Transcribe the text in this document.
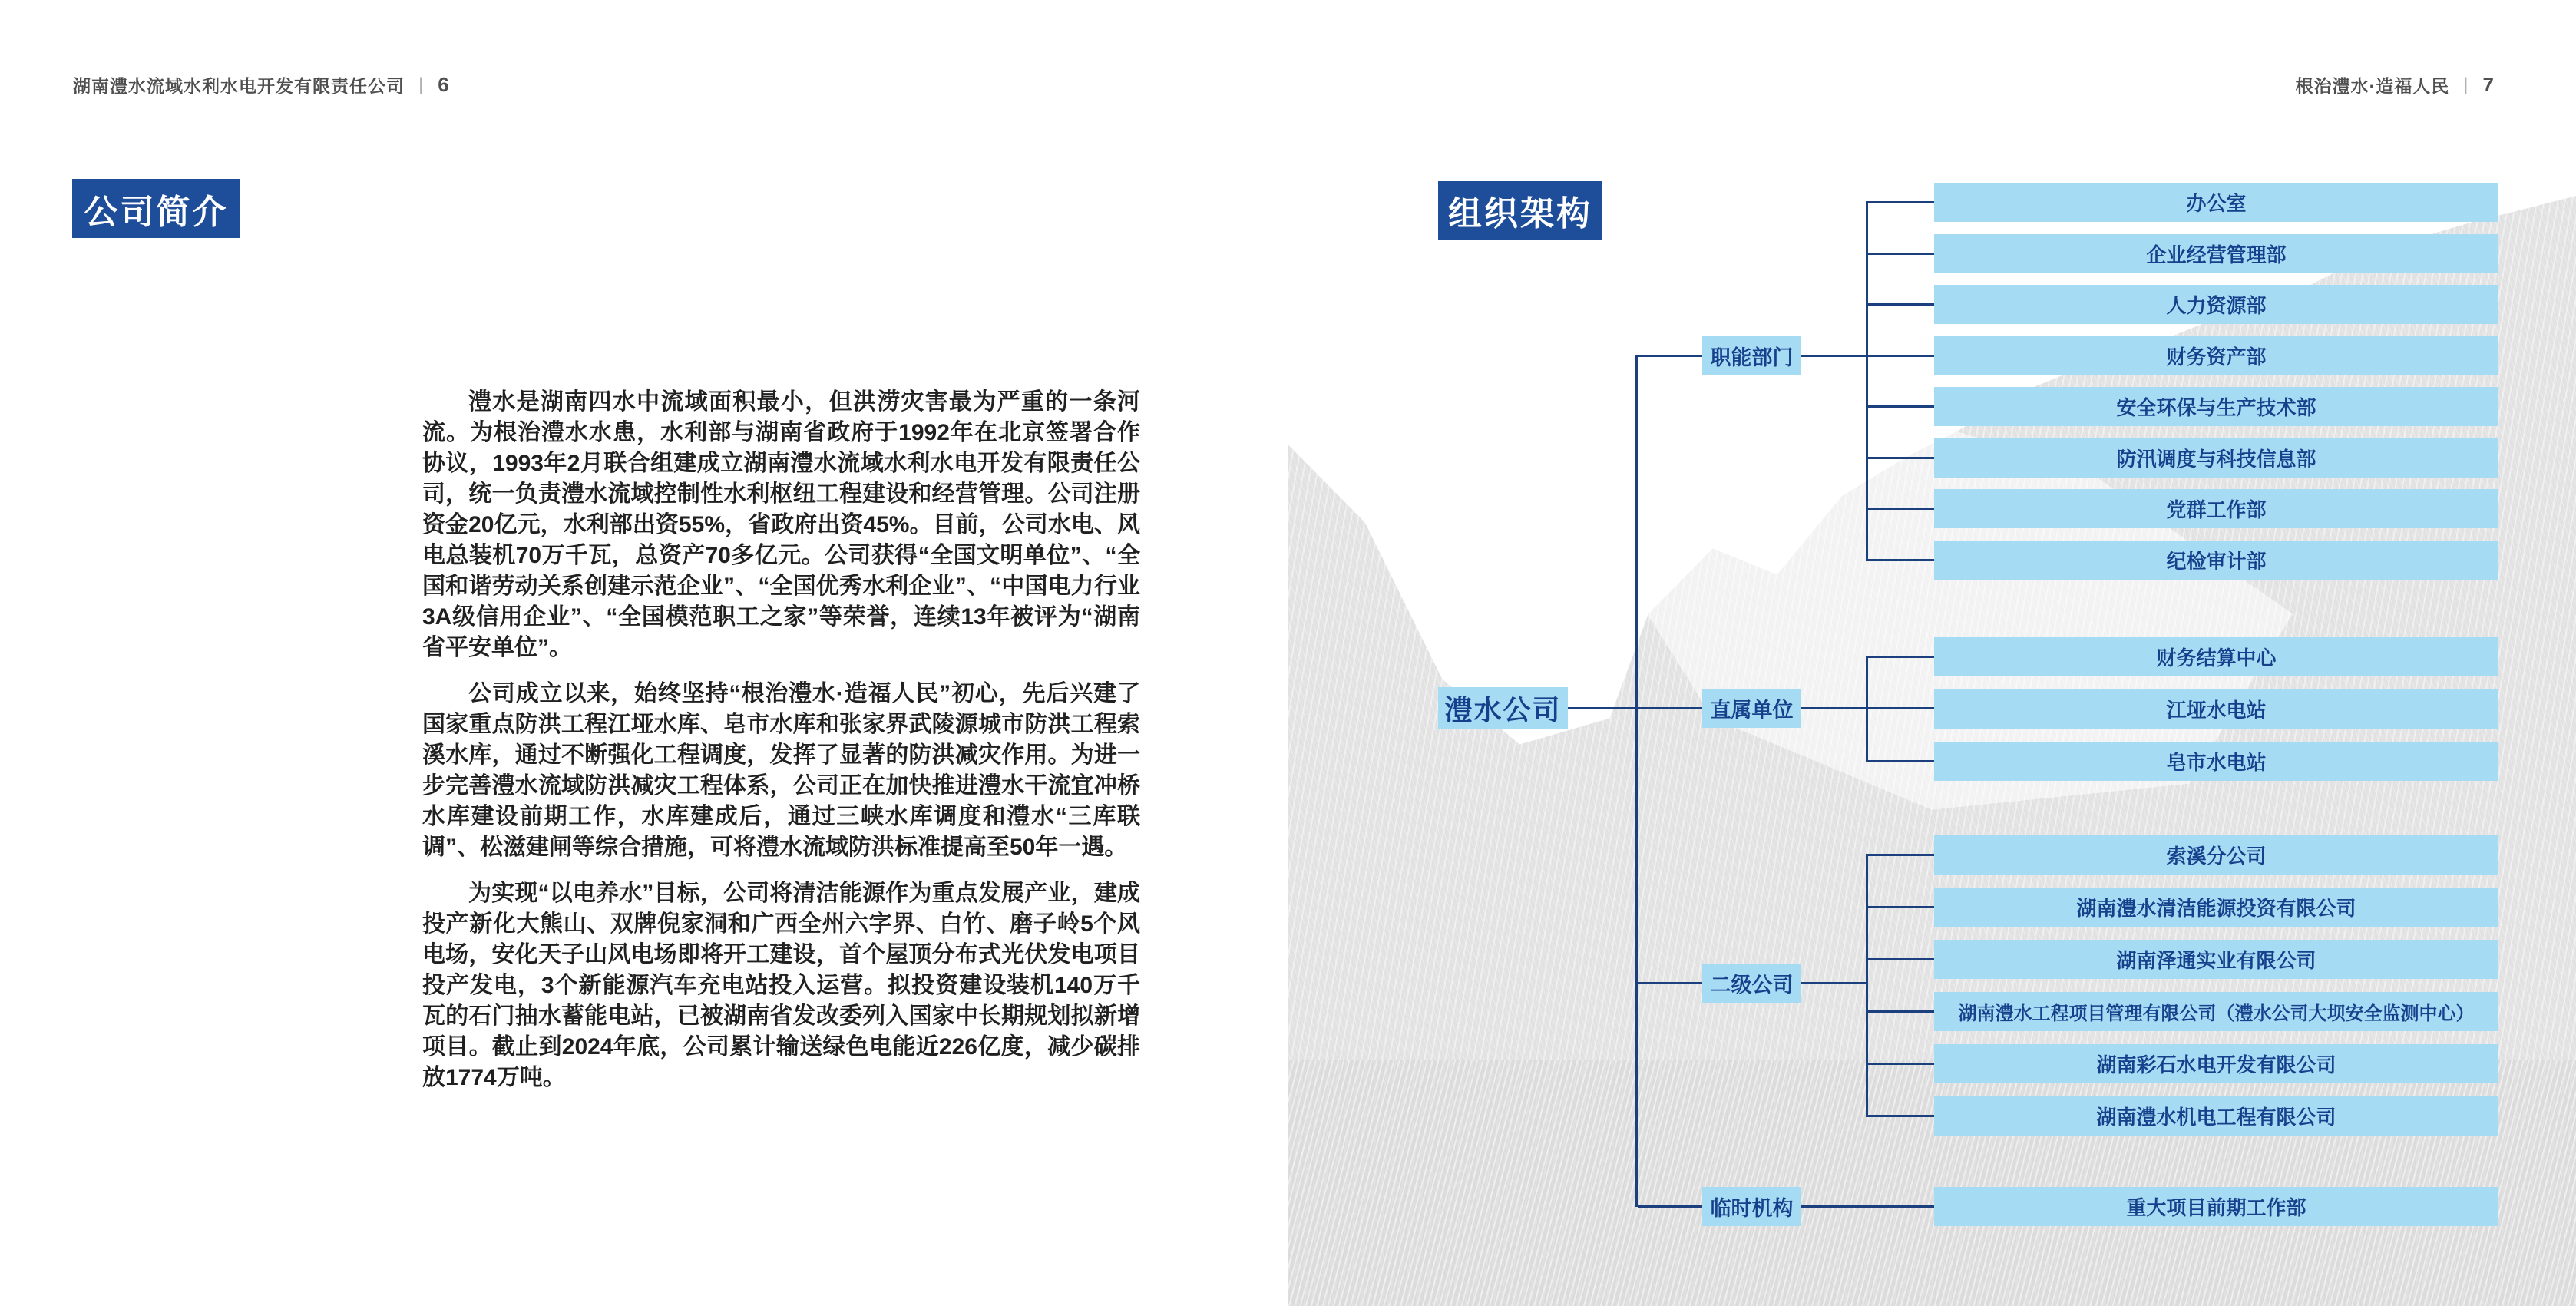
湖南澧水流域水利水电开发有限责任公司 | 6	根治澧水·造福人民 | 7
公司简介

澧水是湖南四水中流域面积最小，但洪涝灾害最为严重的一条河流。为根治澧水水患，水利部与湖南省政府于1992年在北京签署合作协议，1993年2月联合组建成立湖南澧水流域水利水电开发有限责任公司，统一负责澧水流域控制性水利枢纽工程建设和经营管理。公司注册资金20亿元，水利部出资55%，省政府出资45%。目前，公司水电、风电总装机70万千瓦，总资产70多亿元。公司获得“全国文明单位”、“全国和谐劳动关系创建示范企业”、“全国优秀水利企业”、“中国电力行业3A级信用企业”、“全国模范职工之家”等荣誉，连续13年被评为“湖南省平安单位”。

公司成立以来，始终坚持“根治澧水·造福人民”初心，先后兴建了国家重点防洪工程江垭水库、皂市水库和张家界武陵源城市防洪工程索溪水库，通过不断强化工程调度，发挥了显著的防洪减灾作用。为进一步完善澧水流域防洪减灾工程体系，公司正在加快推进澧水干流宜冲桥水库建设前期工作，水库建成后，通过三峡水库调度和澧水“三库联调”、松滋建闸等综合措施，可将澧水流域防洪标准提高至50年一遇。

为实现“以电养水”目标，公司将清洁能源作为重点发展产业，建成投产新化大熊山、双牌倪家洞和广西全州六字界、白竹、磨子岭5个风电场，安化天子山风电场即将开工建设，首个屋顶分布式光伏发电项目投产发电，3个新能源汽车充电站投入运营。拟投资建设装机140万千瓦的石门抽水蓄能电站，已被湖南省发改委列入国家中长期规划拟新增项目。截止到2024年底，公司累计输送绿色电能近226亿度，减少碳排放1774万吨。

组织架构
澧水公司
职能部门
直属单位
二级公司
临时机构
办公室
企业经营管理部
人力资源部
财务资产部
安全环保与生产技术部
防汛调度与科技信息部
党群工作部
纪检审计部
财务结算中心
江垭水电站
皂市水电站
索溪分公司
湖南澧水清洁能源投资有限公司
湖南泽通实业有限公司
湖南澧水工程项目管理有限公司（澧水公司大坝安全监测中心）
湖南彩石水电开发有限公司
湖南澧水机电工程有限公司
重大项目前期工作部
